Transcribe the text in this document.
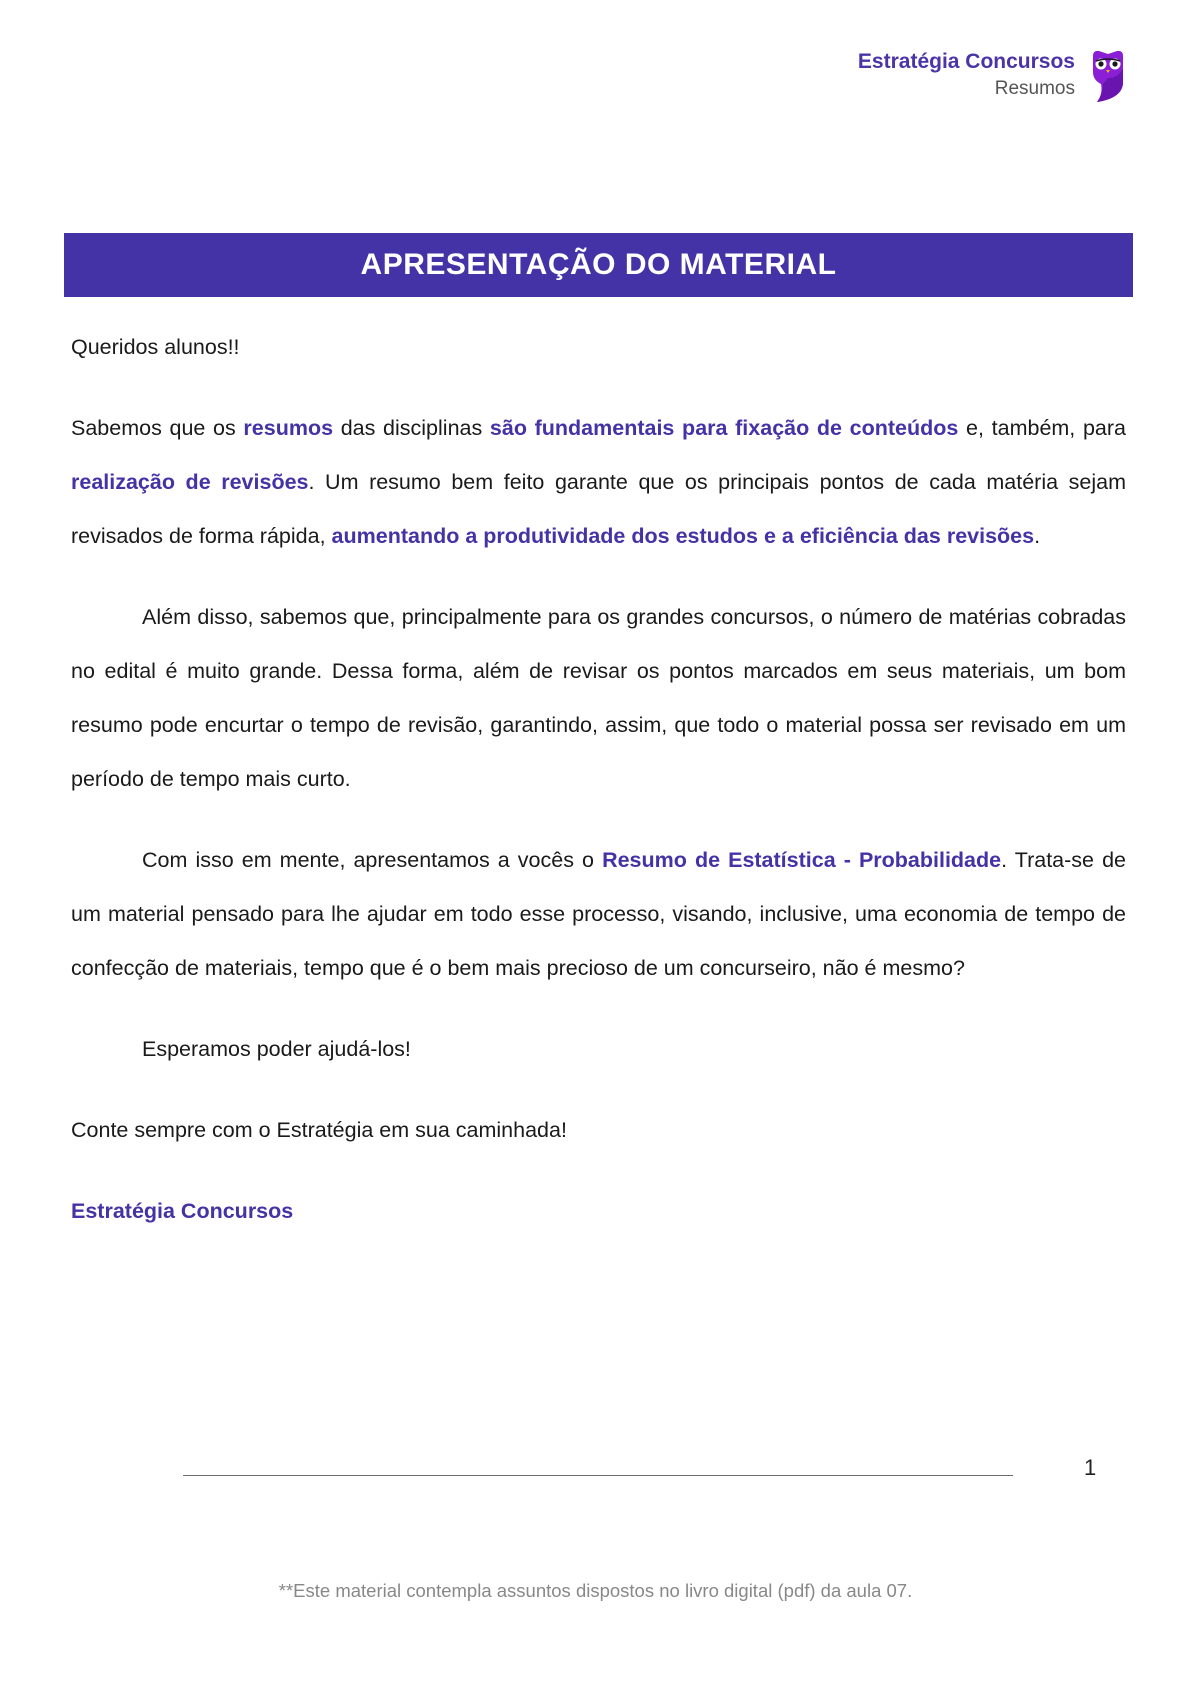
Estratégia Concursos
Resumos
APRESENTAÇÃO DO MATERIAL

Queridos alunos!!

Sabemos que os resumos das disciplinas são fundamentais para fixação de conteúdos e, também, para realização de revisões. Um resumo bem feito garante que os principais pontos de cada matéria sejam revisados de forma rápida, aumentando a produtividade dos estudos e a eficiência das revisões.

Além disso, sabemos que, principalmente para os grandes concursos, o número de matérias cobradas no edital é muito grande. Dessa forma, além de revisar os pontos marcados em seus materiais, um bom resumo pode encurtar o tempo de revisão, garantindo, assim, que todo o material possa ser revisado em um período de tempo mais curto.

Com isso em mente, apresentamos a vocês o Resumo de Estatística - Probabilidade. Trata-se de um material pensado para lhe ajudar em todo esse processo, visando, inclusive, uma economia de tempo de confecção de materiais, tempo que é o bem mais precioso de um concurseiro, não é mesmo?

Esperamos poder ajudá-los!

Conte sempre com o Estratégia em sua caminhada!

Estratégia Concursos

1
**Este material contempla assuntos dispostos no livro digital (pdf) da aula 07.
